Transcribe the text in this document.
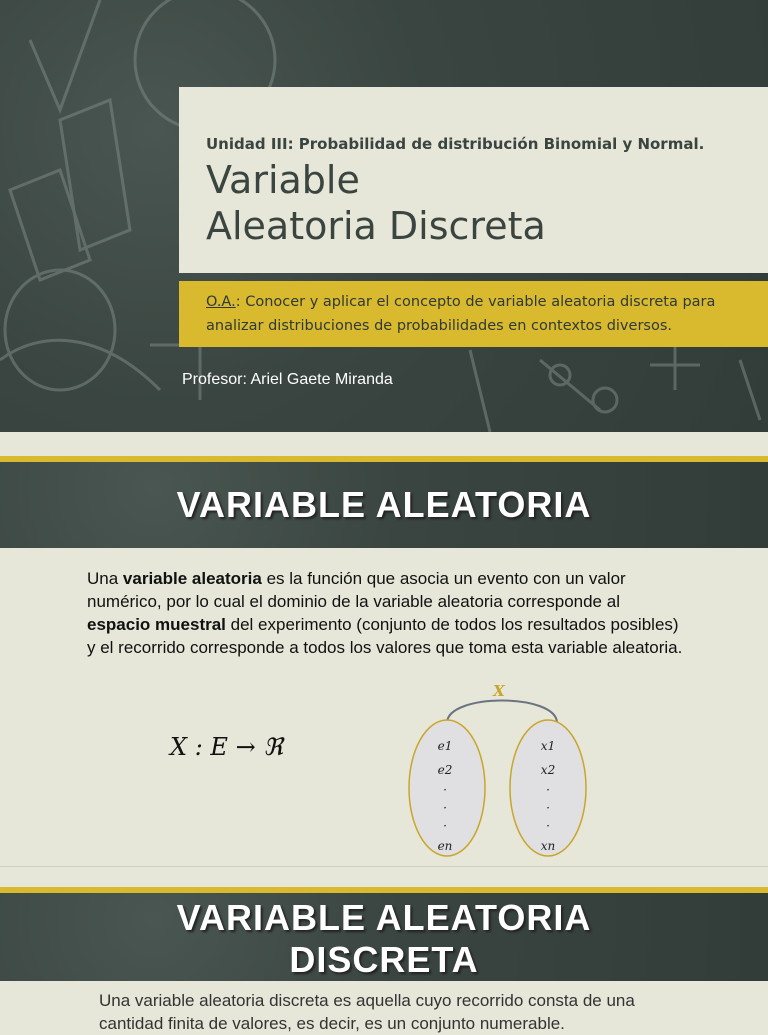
Unidad III: Probabilidad de distribución Binomial y Normal.
Variable
Aleatoria Discreta
O.A.: Conocer y aplicar el concepto de variable aleatoria discreta para analizar distribuciones de probabilidades en contextos diversos.
Profesor: Ariel Gaete Miranda
VARIABLE ALEATORIA
Una variable aleatoria es la función que asocia un evento con un valor numérico, por lo cual el dominio de la variable aleatoria corresponde al espacio muestral del experimento (conjunto de todos los resultados posibles) y el recorrido corresponde a todos los valores que toma esta variable aleatoria.
X : E → ℜ
X
e1
e2
·
·
·
en
x1
x2
·
·
·
xn
VARIABLE ALEATORIA
DISCRETA
Una variable aleatoria discreta es aquella cuyo recorrido consta de una cantidad finita de valores, es decir, es un conjunto numerable.
